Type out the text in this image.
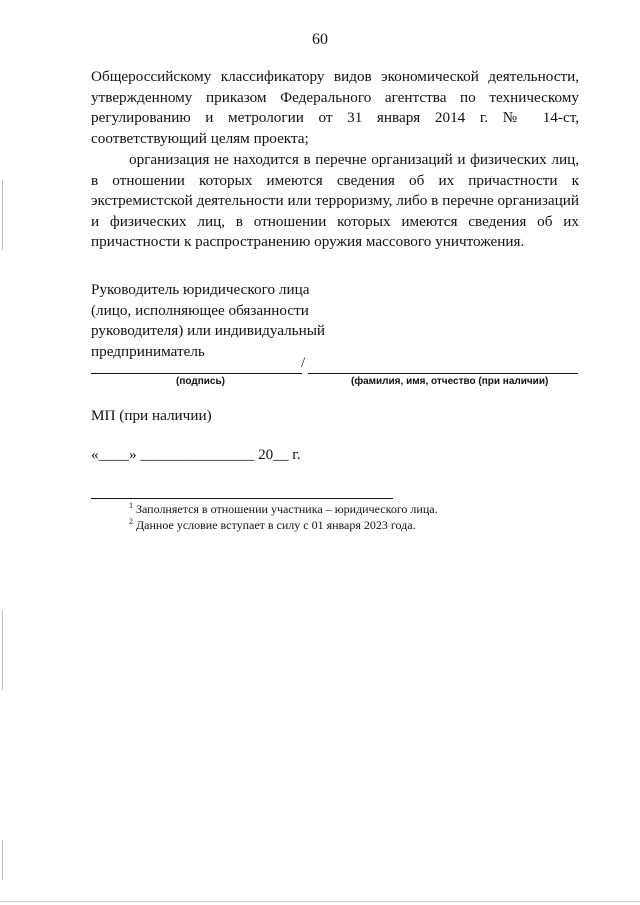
60
Общероссийскому классификатору видов экономической деятельности, утвержденному приказом Федерального агентства по техническому регулированию и метрологии от 31 января 2014 г. № 14-ст, соответствующий целям проекта;
организация не находится в перечне организаций и физических лиц, в отношении которых имеются сведения об их причастности к экстремистской деятельности или терроризму, либо в перечне организаций и физических лиц, в отношении которых имеются сведения об их причастности к распространению оружия массового уничтожения.
Руководитель юридического лица
(лицо, исполняющее обязанности
руководителя) или индивидуальный
предприниматель
/
(подпись)	(фамилия, имя, отчество (при наличии)
МП (при наличии)
«____» _______________ 20__ г.
$^1$ Заполняется в отношении участника – юридического лица.
$^2$ Данное условие вступает в силу с 01 января 2023 года.
